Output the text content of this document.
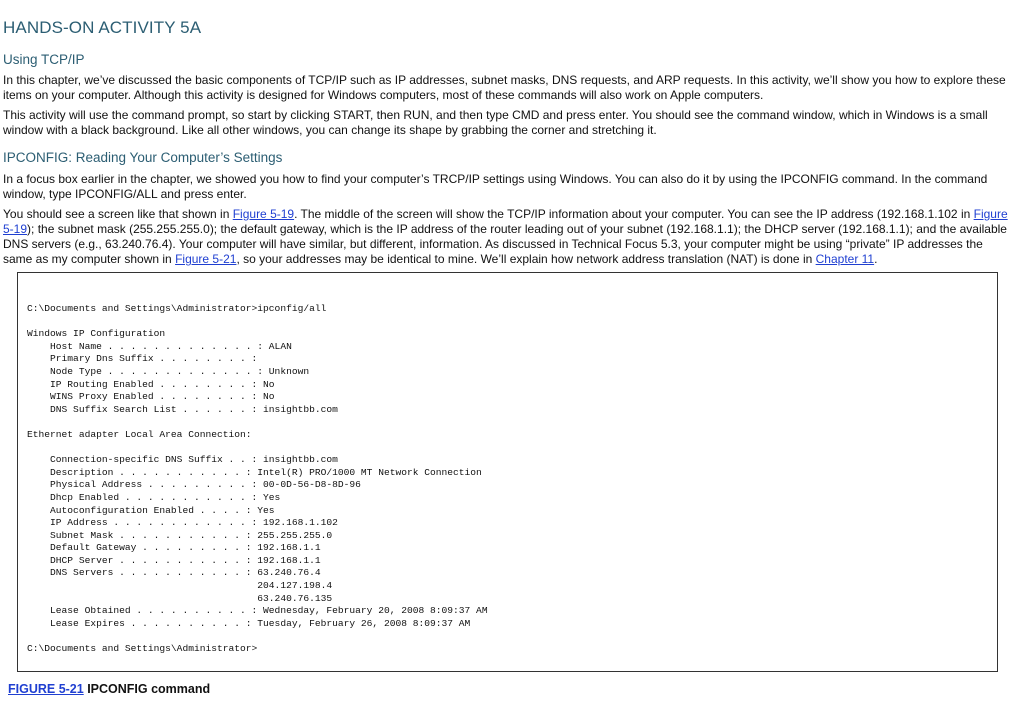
HANDS-ON ACTIVITY 5A
Using TCP/IP
In this chapter, we’ve discussed the basic components of TCP/IP such as IP addresses, subnet masks, DNS requests, and ARP requests. In this activity, we’ll show you how to explore these items on your computer. Although this activity is designed for Windows computers, most of these commands will also work on Apple computers.
This activity will use the command prompt, so start by clicking START, then RUN, and then type CMD and press enter. You should see the command window, which in Windows is a small window with a black background. Like all other windows, you can change its shape by grabbing the corner and stretching it.
IPCONFIG: Reading Your Computer’s Settings
In a focus box earlier in the chapter, we showed you how to find your computer’s TRCP/IP settings using Windows. You can also do it by using the IPCONFIG command. In the command window, type IPCONFIG/ALL and press enter.
You should see a screen like that shown in Figure 5-19. The middle of the screen will show the TCP/IP information about your computer. You can see the IP address (192.168.1.102 in Figure 5-19); the subnet mask (255.255.255.0); the default gateway, which is the IP address of the router leading out of your subnet (192.168.1.1); the DHCP server (192.168.1.1); and the available DNS servers (e.g., 63.240.76.4). Your computer will have similar, but different, information. As discussed in Technical Focus 5.3, your computer might be using “private” IP addresses the same as my computer shown in Figure 5-21, so your addresses may be identical to mine. We’ll explain how network address translation (NAT) is done in Chapter 11.
C:\Documents and Settings\Administrator>ipconfig/all

Windows IP Configuration
Host Name . . . . . . . . . . . . . : ALAN
Primary Dns Suffix . . . . . . . . :
Node Type . . . . . . . . . . . . . : Unknown
IP Routing Enabled . . . . . . . . : No
WINS Proxy Enabled . . . . . . . . : No
DNS Suffix Search List . . . . . . : insightbb.com

Ethernet adapter Local Area Connection:

Connection-specific DNS Suffix . . : insightbb.com
Description . . . . . . . . . . . : Intel(R) PRO/1000 MT Network Connection
Physical Address . . . . . . . . . : 00-0D-56-D8-8D-96
Dhcp Enabled . . . . . . . . . . . : Yes
Autoconfiguration Enabled . . . . : Yes
IP Address . . . . . . . . . . . . : 192.168.1.102
Subnet Mask . . . . . . . . . . . : 255.255.255.0
Default Gateway . . . . . . . . . : 192.168.1.1
DHCP Server . . . . . . . . . . . : 192.168.1.1
DNS Servers . . . . . . . . . . . : 63.240.76.4
204.127.198.4
63.240.76.135
Lease Obtained . . . . . . . . . . : Wednesday, February 20, 2008 8:09:37 AM
Lease Expires . . . . . . . . . . : Tuesday, February 26, 2008 8:09:37 AM

C:\Documents and Settings\Administrator>
FIGURE 5-21 IPCONFIG command
